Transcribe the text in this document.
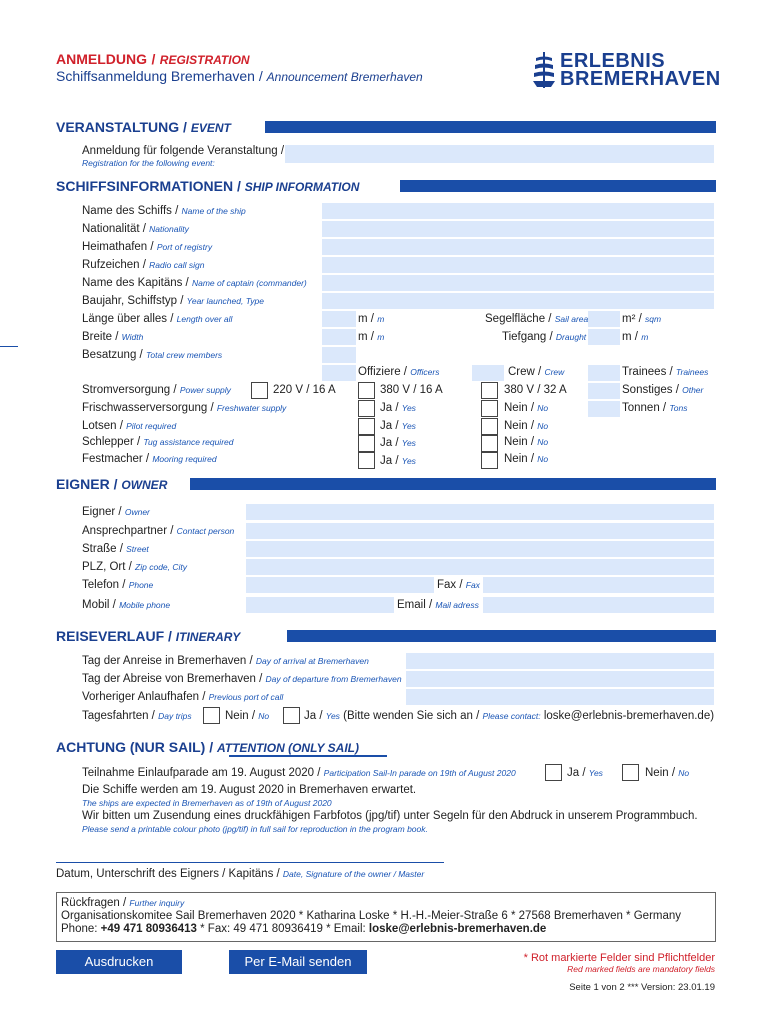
ANMELDUNG / REGISTRATION
Schiffsanmeldung Bremerhaven / Announcement Bremerhaven
ERLEBNIS
BREMERHAVEN
VERANSTALTUNG / EVENT
Anmeldung für folgende Veranstaltung /
Registration for the following event:
SCHIFFSINFORMATIONEN / SHIP INFORMATION
Name des Schiffs / Name of the ship
Nationalität / Nationality
Heimathafen / Port of registry
Rufzeichen / Radio call sign
Name des Kapitäns / Name of captain (commander)
Baujahr, Schiffstyp / Year launched, Type
Länge über alles / Length over all	m / m	Segelfläche / Sail area	m² / sqm
Breite / Width	m / m	Tiefgang / Draught	m / m
Besatzung / Total crew members
Offiziere / Officers	Crew / Crew	Trainees / Trainees
Stromversorgung / Power supply	220 V / 16 A	380 V / 16 A	380 V / 32 A	Sonstiges / Other
Frischwasserversorgung / Freshwater supply	Ja / Yes	Nein / No	Tonnen / Tons
Lotsen / Pilot required	Ja / Yes	Nein / No
Schlepper / Tug assistance required	Ja / Yes	Nein / No
Festmacher / Mooring required	Ja / Yes	Nein / No
EIGNER / OWNER
Eigner / Owner
Ansprechpartner / Contact person
Straße / Street
PLZ, Ort / Zip code, City
Telefon / Phone	Fax / Fax
Mobil / Mobile phone	Email / Mail adress
REISEVERLAUF / ITINERARY
Tag der Anreise in Bremerhaven / Day of arrival at Bremerhaven
Tag der Abreise von Bremerhaven / Day of departure from Bremerhaven
Vorheriger Anlaufhafen / Previous port of call
Tagesfahrten / Day trips	Nein / No	Ja / Yes (Bitte wenden Sie sich an / Please contact: loske@erlebnis-bremerhaven.de)
ACHTUNG (NUR SAIL) / ATTENTION (ONLY SAIL)
Teilnahme Einlaufparade am 19. August 2020 / Participation Sail-In parade on 19th of August 2020	Ja / Yes	Nein / No
Die Schiffe werden am 19. August 2020 in Bremerhaven erwartet.
The ships are expected in Bremerhaven as of 19th of August 2020
Wir bitten um Zusendung eines druckfähigen Farbfotos (jpg/tif) unter Segeln für den Abdruck in unserem Programmbuch.
Please send a printable colour photo (jpg/tif) in full sail for reproduction in the program book.
Datum, Unterschrift des Eigners / Kapitäns / Date, Signature of the owner / Master
Rückfragen / Further inquiry
Organisationskomitee Sail Bremerhaven 2020 * Katharina Loske * H.-H.-Meier-Straße 6 * 27568 Bremerhaven * Germany
Phone: +49 471 80936413 * Fax: 49 471 80936419 * Email: loske@erlebnis-bremerhaven.de
Ausdrucken	Per E-Mail senden	* Rot markierte Felder sind Pflichtfelder
Red marked fields are mandatory fields
Seite 1 von 2 *** Version: 23.01.19
